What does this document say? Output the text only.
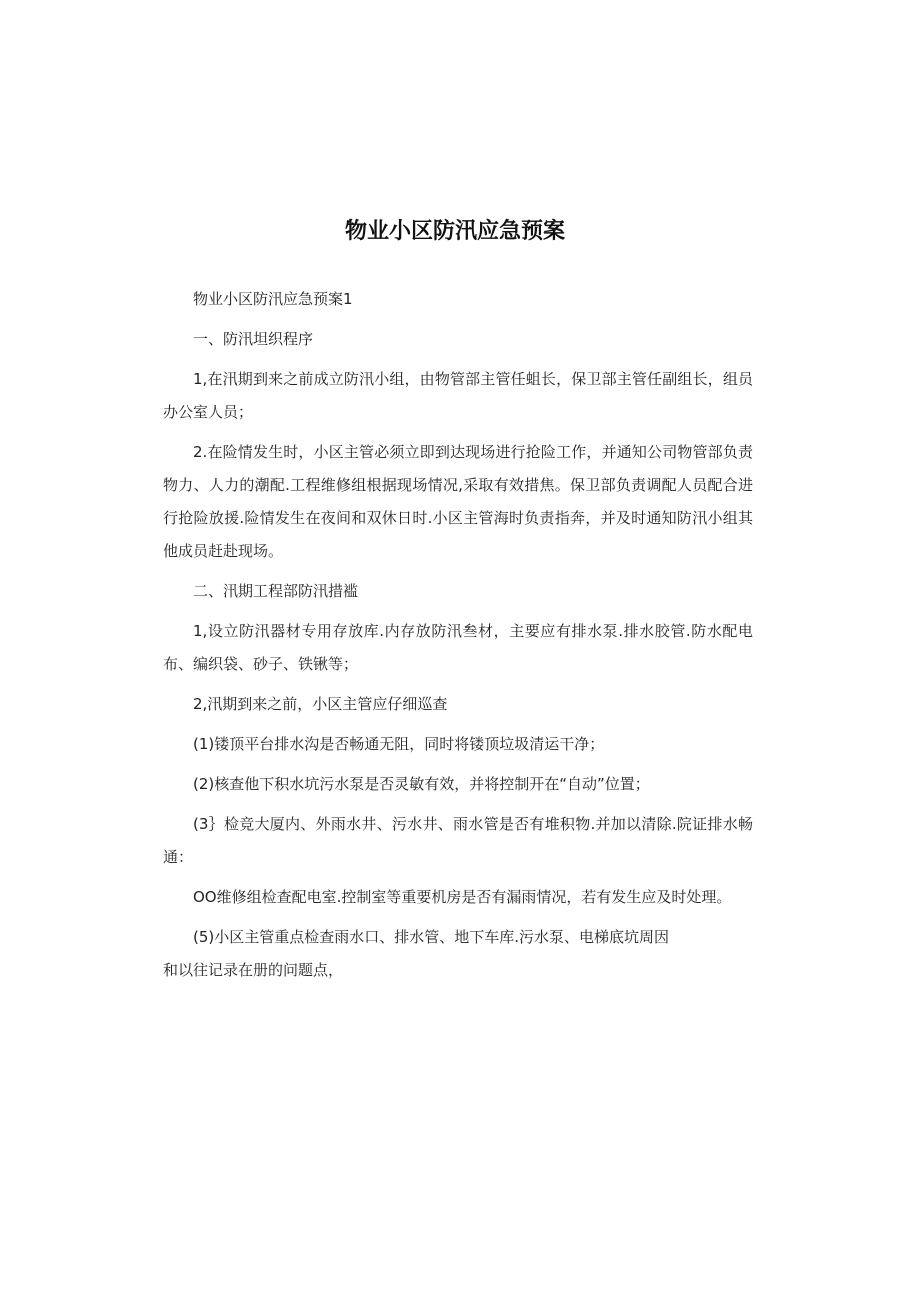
物业小区防汛应急预案

物业小区防汛应急预案1

一、防汛坦织程序

1,在汛期到来之前成立防汛小组，由物管部主管任蛆长，保卫部主管任副组长，组员办公室人员；

2.在险情发生时，小区主管必须立即到达现场进行抢险工作，并通知公司物管部负责物力、人力的潮配.工程维修组根据现场情况,采取有效措焦。保卫部负责调配人员配合进行抢险放援.险情发生在夜间和双休日时.小区主管海时负责指奔，并及时通知防汛小组其他成员赶赴现场。

二、汛期工程部防汛措褴

1,设立防汛器材专用存放库.内存放防汛叁材，主要应有排水泵.排水胶管.防水配电布、编织袋、砂子、铁锹等；

2,汛期到来之前，小区主管应仔细巡查

(1)镂顶平台排水沟是否畅通无阻，同时将镂顶垃圾清运干净；

(2)核查他下积水坑污水泵是否灵敏有效，并将控制开在“自动”位置；

(3｝检竞大厦内、外雨水井、污水井、雨水管是否有堆积物.并加以清除.院证排水畅通：

OO维修组检查配电室.控制室等重要机房是否有漏雨情况，若有发生应及时处理。

(5)小区主管重点检查雨水口、排水管、地下车库.污水泵、电梯底坑周因

和以往记录在册的问题点，
